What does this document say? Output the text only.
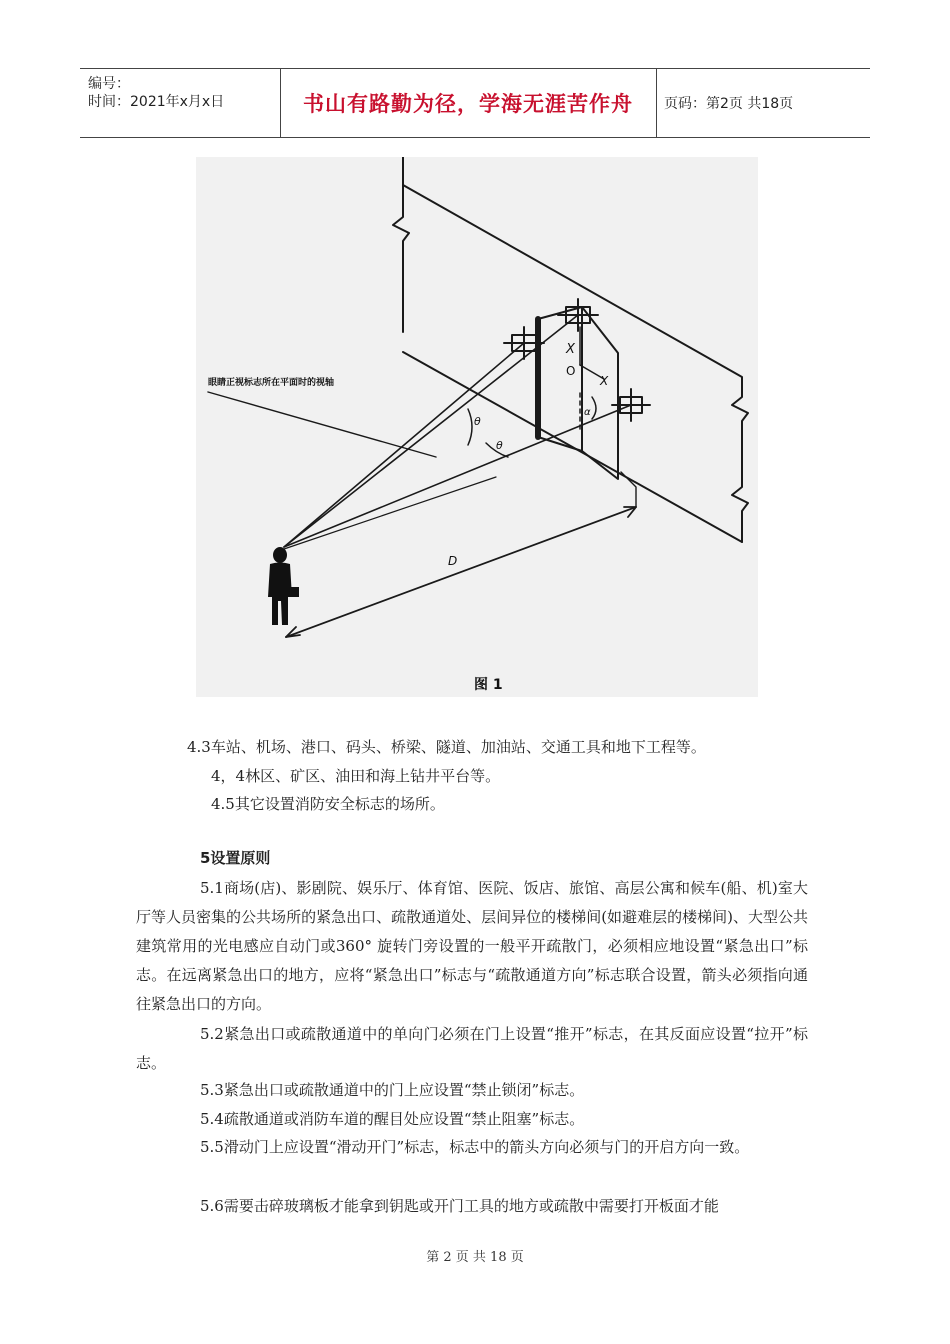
编号：
时间：2021年x月x日	书山有路勤为径，学海无涯苦作舟	页码：第2页 共18页
眼睛正视标志所在平面时的视轴
X
O
X
α
θ
θ
D
图 1
4.3车站、机场、港口、码头、桥梁、隧道、加油站、交通工具和地下工程等。
4，4林区、矿区、油田和海上钻井平台等。
4.5其它设置消防安全标志的场所。
5设置原则
5.1商场(店)、影剧院、娱乐厅、体育馆、医院、饭店、旅馆、高层公寓和候车(船、机)室大厅等人员密集的公共场所的紧急出口、疏散通道处、层间异位的楼梯间(如避难层的楼梯间)、大型公共建筑常用的光电感应自动门或360° 旋转门旁设置的一般平开疏散门，必须相应地设置“紧急出口”标志。在远离紧急出口的地方，应将“紧急出口”标志与“疏散通道方向”标志联合设置，箭头必须指向通往紧急出口的方向。
5.2紧急出口或疏散通道中的单向门必须在门上设置“推开”标志，在其反面应设置“拉开”标志。
5.3紧急出口或疏散通道中的门上应设置“禁止锁闭”标志。
5.4疏散通道或消防车道的醒目处应设置“禁止阻塞”标志。
5.5滑动门上应设置“滑动开门”标志，标志中的箭头方向必须与门的开启方向一致。
5.6需要击碎玻璃板才能拿到钥匙或开门工具的地方或疏散中需要打开板面才能
第 2 页 共 18 页
